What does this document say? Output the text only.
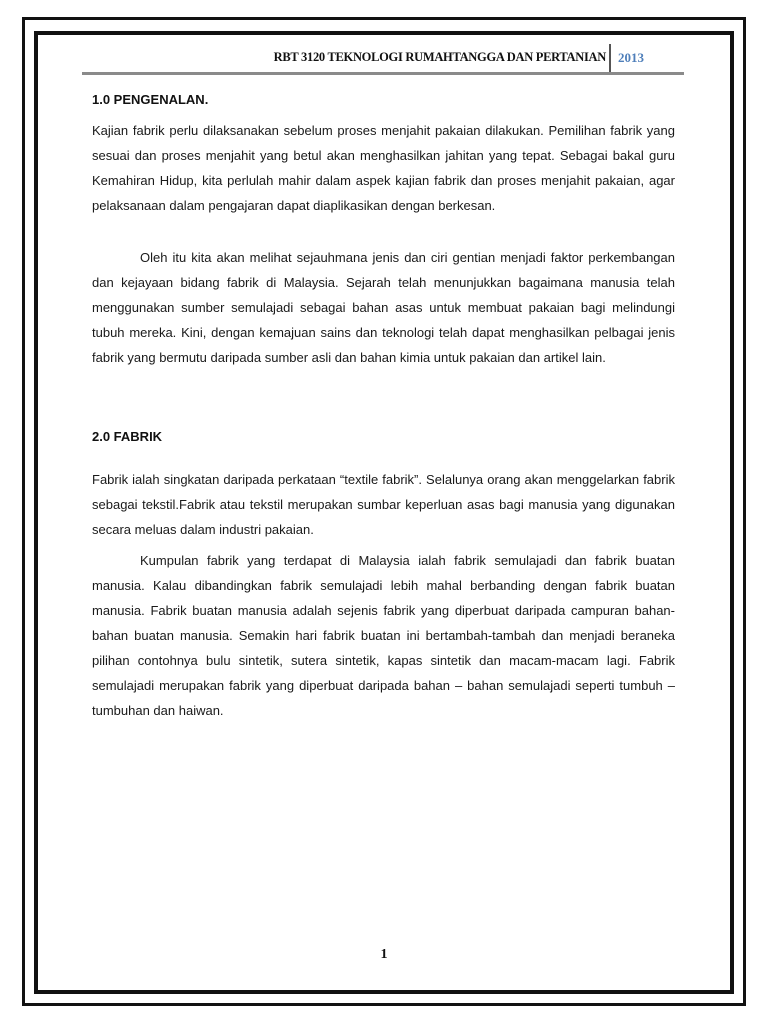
RBT 3120 TEKNOLOGI RUMAHTANGGA DAN PERTANIAN 2013
1.0 PENGENALAN.

Kajian fabrik perlu dilaksanakan sebelum proses menjahit pakaian dilakukan. Pemilihan fabrik yang sesuai dan proses menjahit yang betul akan menghasilkan jahitan yang tepat. Sebagai bakal guru Kemahiran Hidup, kita perlulah mahir dalam aspek kajian fabrik dan proses menjahit pakaian, agar pelaksanaan dalam pengajaran dapat diaplikasikan dengan berkesan.

Oleh itu kita akan melihat sejauhmana jenis dan ciri gentian menjadi faktor perkembangan dan kejayaan bidang fabrik di Malaysia. Sejarah telah menunjukkan bagaimana manusia telah menggunakan sumber semulajadi sebagai bahan asas untuk membuat pakaian bagi melindungi tubuh mereka. Kini, dengan kemajuan sains dan teknologi telah dapat menghasilkan pelbagai jenis fabrik yang bermutu daripada sumber asli dan bahan kimia untuk pakaian dan artikel lain.

2.0 FABRIK

Fabrik ialah singkatan daripada perkataan “textile fabrik”. Selalunya orang akan menggelarkan fabrik sebagai tekstil.Fabrik atau tekstil merupakan sumbar keperluan asas bagi manusia yang digunakan secara meluas dalam industri pakaian.

Kumpulan fabrik yang terdapat di Malaysia ialah fabrik semulajadi dan fabrik buatan manusia. Kalau dibandingkan fabrik semulajadi lebih mahal berbanding dengan fabrik buatan manusia. Fabrik buatan manusia adalah sejenis fabrik yang diperbuat daripada campuran bahan-bahan buatan manusia. Semakin hari fabrik buatan ini bertambah-tambah dan menjadi beraneka pilihan contohnya bulu sintetik, sutera sintetik, kapas sintetik dan macam-macam lagi. Fabrik semulajadi merupakan fabrik yang diperbuat daripada bahan – bahan semulajadi seperti tumbuh – tumbuhan dan haiwan.

1
